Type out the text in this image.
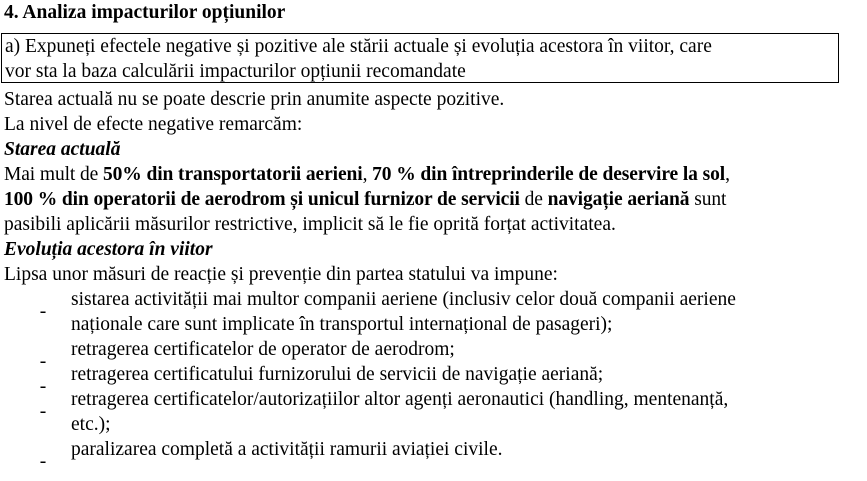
4. Analiza impacturilor opțiunilor
a) Expuneți efectele negative și pozitive ale stării actuale și evoluția acestora în viitor, care
vor sta la baza calculării impacturilor opțiunii recomandate
Starea actuală nu se poate descrie prin anumite aspecte pozitive.
La nivel de efecte negative remarcăm:
Starea actuală
Mai mult de 50% din transportatorii aerieni, 70 % din întreprinderile de deservire la sol,
100 % din operatorii de aerodrom și unicul furnizor de servicii de navigație aeriană sunt
pasibili aplicării măsurilor restrictive, implicit să le fie oprită forțat activitatea.
Evoluția acestora în viitor
Lipsa unor măsuri de reacție și prevenție din partea statului va impune:
-
sistarea activității mai multor companii aeriene (inclusiv celor două companii aeriene
naționale care sunt implicate în transportul internațional de pasageri);
-
retragerea certificatelor de operator de aerodrom;
-
retragerea certificatului furnizorului de servicii de navigație aeriană;
-
retragerea certificatelor/autorizațiilor altor agenți aeronautici (handling, mentenanță,
etc.);
-
paralizarea completă a activității ramurii aviației civile.
